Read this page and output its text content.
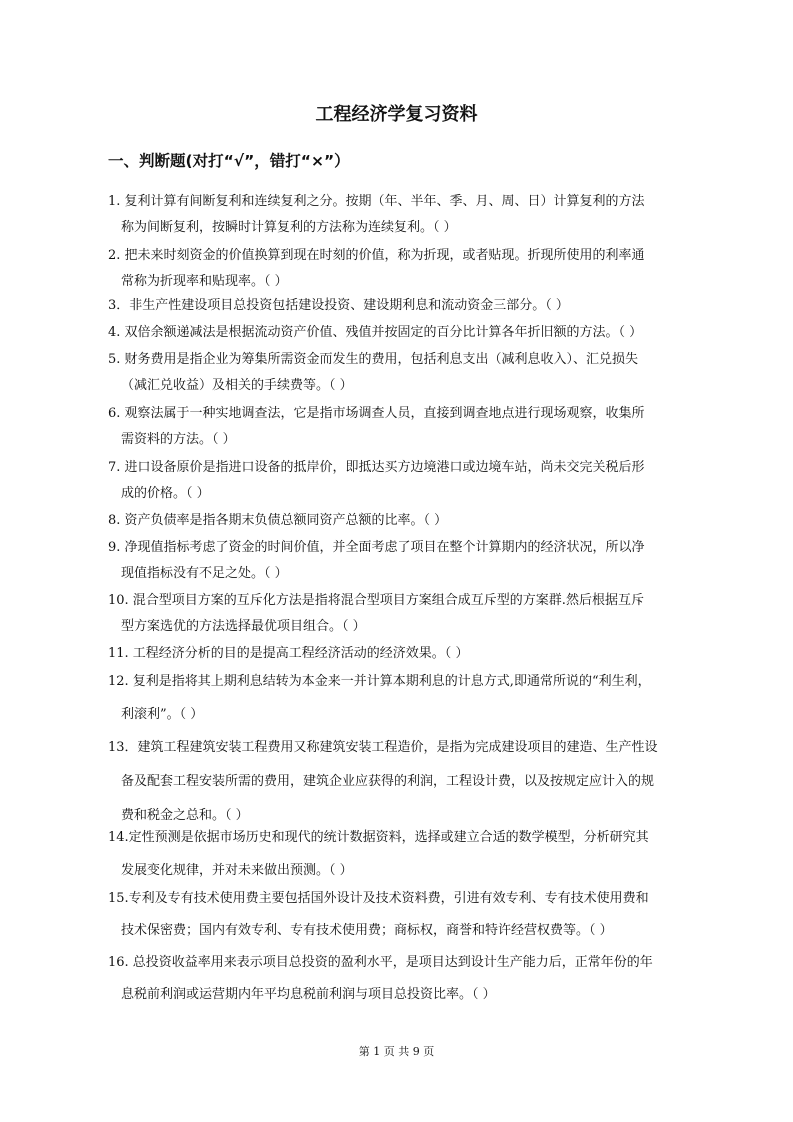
工程经济学复习资料
一、判断题(对打“√”，错打“×”）
1. 复利计算有间断复利和连续复利之分。按期（年、半年、季、月、周、日）计算复利的方法
称为间断复利，按瞬时计算复利的方法称为连续复利。（ ）
2. 把未来时刻资金的价值换算到现在时刻的价值，称为折现，或者贴现。折现所使用的利率通
常称为折现率和贴现率。（ ）
3．非生产性建设项目总投资包括建设投资、建设期利息和流动资金三部分。（ ）
4. 双倍余额递减法是根据流动资产价值、残值并按固定的百分比计算各年折旧额的方法。（ ）
5. 财务费用是指企业为筹集所需资金而发生的费用，包括利息支出（减利息收入）、汇兑损失
（减汇兑收益）及相关的手续费等。（ ）
6. 观察法属于一种实地调查法，它是指市场调查人员，直接到调查地点进行现场观察，收集所
需资料的方法。（ ）
7. 进口设备原价是指进口设备的抵岸价，即抵达买方边境港口或边境车站，尚未交完关税后形
成的价格。（ ）
8. 资产负债率是指各期末负债总额同资产总额的比率。（ ）
9. 净现值指标考虑了资金的时间价值，并全面考虑了项目在整个计算期内的经济状况，所以净
现值指标没有不足之处。（ ）
10. 混合型项目方案的互斥化方法是指将混合型项目方案组合成互斥型的方案群.然后根据互斥
型方案选优的方法选择最优项目组合。（ ）
11. 工程经济分析的目的是提高工程经济活动的经济效果。（ ）
12. 复利是指将其上期利息结转为本金来一并计算本期利息的计息方式,即通常所说的“利生利，
利滚利”。（ ）
13．建筑工程建筑安装工程费用又称建筑安装工程造价，是指为完成建设项目的建造、生产性设
备及配套工程安装所需的费用，建筑企业应获得的利润，工程设计费，以及按规定应计入的规
费和税金之总和。（ ）
14.定性预测是依据市场历史和现代的统计数据资料，选择或建立合适的数学模型，分析研究其
发展变化规律，并对未来做出预测。（ ）
15.专利及专有技术使用费主要包括国外设计及技术资料费，引进有效专利、专有技术使用费和
技术保密费；国内有效专利、专有技术使用费；商标权，商誉和特许经营权费等。（ ）
16. 总投资收益率用来表示项目总投资的盈利水平，是项目达到设计生产能力后，正常年份的年
息税前利润或运营期内年平均息税前利润与项目总投资比率。（ ）
第 1 页 共 9 页
